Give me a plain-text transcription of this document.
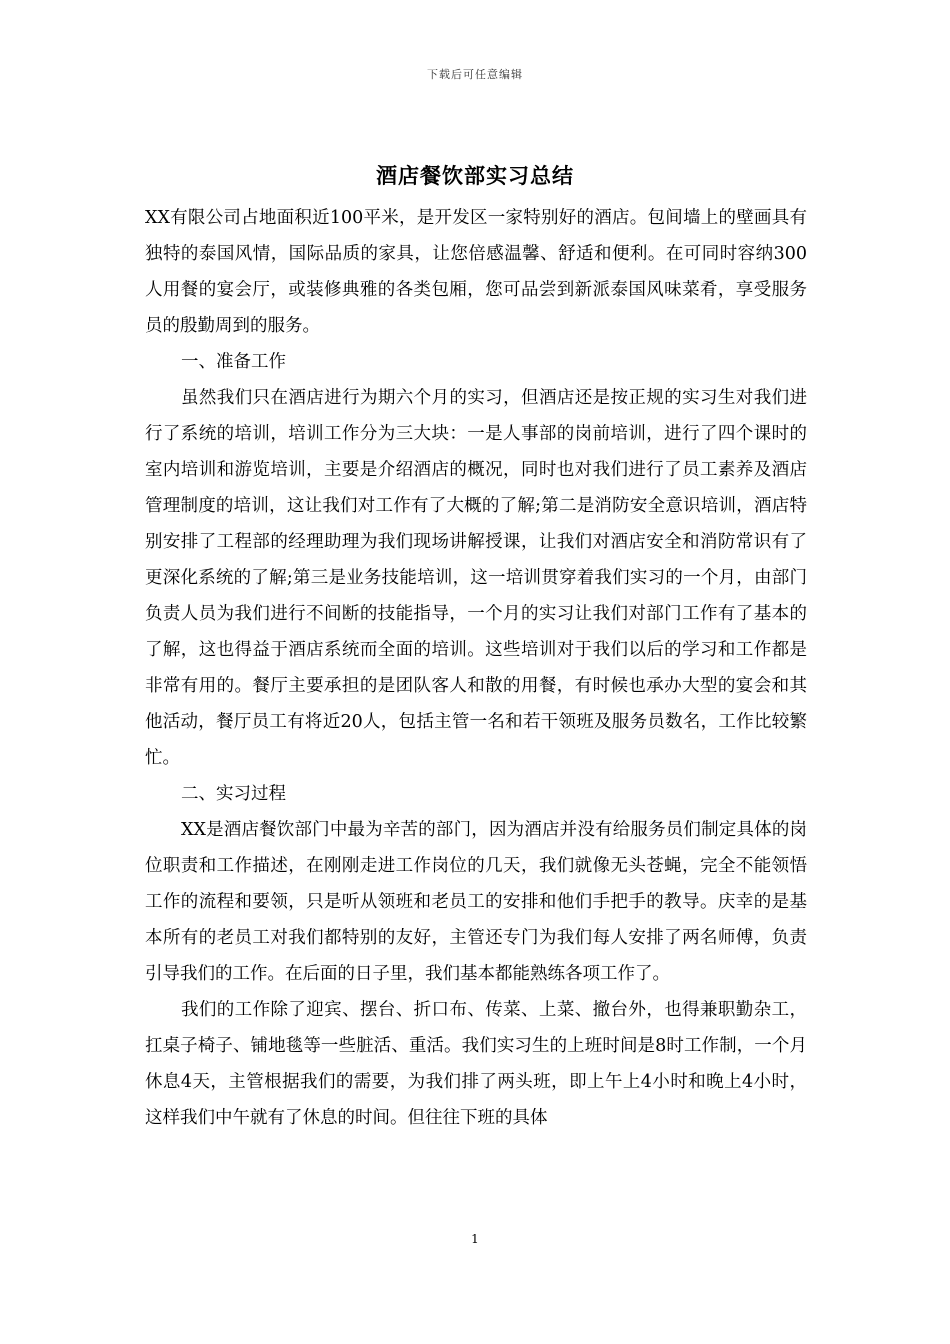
下载后可任意编辑
酒店餐饮部实习总结

XX有限公司占地面积近100平米，是开发区一家特别好的酒店。包间墙上的壁画具有独特的泰国风情，国际品质的家具，让您倍感温馨、舒适和便利。在可同时容纳300人用餐的宴会厅，或装修典雅的各类包厢，您可品尝到新派泰国风味菜肴，享受服务员的殷勤周到的服务。

一、准备工作

虽然我们只在酒店进行为期六个月的实习，但酒店还是按正规的实习生对我们进行了系统的培训，培训工作分为三大块：一是人事部的岗前培训，进行了四个课时的室内培训和游览培训，主要是介绍酒店的概况，同时也对我们进行了员工素养及酒店管理制度的培训，这让我们对工作有了大概的了解;第二是消防安全意识培训，酒店特别安排了工程部的经理助理为我们现场讲解授课，让我们对酒店安全和消防常识有了更深化系统的了解;第三是业务技能培训，这一培训贯穿着我们实习的一个月，由部门负责人员为我们进行不间断的技能指导，一个月的实习让我们对部门工作有了基本的了解，这也得益于酒店系统而全面的培训。这些培训对于我们以后的学习和工作都是非常有用的。餐厅主要承担的是团队客人和散的用餐，有时候也承办大型的宴会和其他活动，餐厅员工有将近20人，包括主管一名和若干领班及服务员数名，工作比较繁忙。

二、实习过程

XX是酒店餐饮部门中最为辛苦的部门，因为酒店并没有给服务员们制定具体的岗位职责和工作描述，在刚刚走进工作岗位的几天，我们就像无头苍蝇，完全不能领悟工作的流程和要领，只是听从领班和老员工的安排和他们手把手的教导。庆幸的是基本所有的老员工对我们都特别的友好，主管还专门为我们每人安排了两名师傅，负责引导我们的工作。在后面的日子里，我们基本都能熟练各项工作了。

我们的工作除了迎宾、摆台、折口布、传菜、上菜、撤台外，也得兼职勤杂工，扛桌子椅子、铺地毯等一些脏活、重活。我们实习生的上班时间是8时工作制，一个月休息4天，主管根据我们的需要，为我们排了两头班，即上午上4小时和晚上4小时，这样我们中午就有了休息的时间。但往往下班的具体

1
